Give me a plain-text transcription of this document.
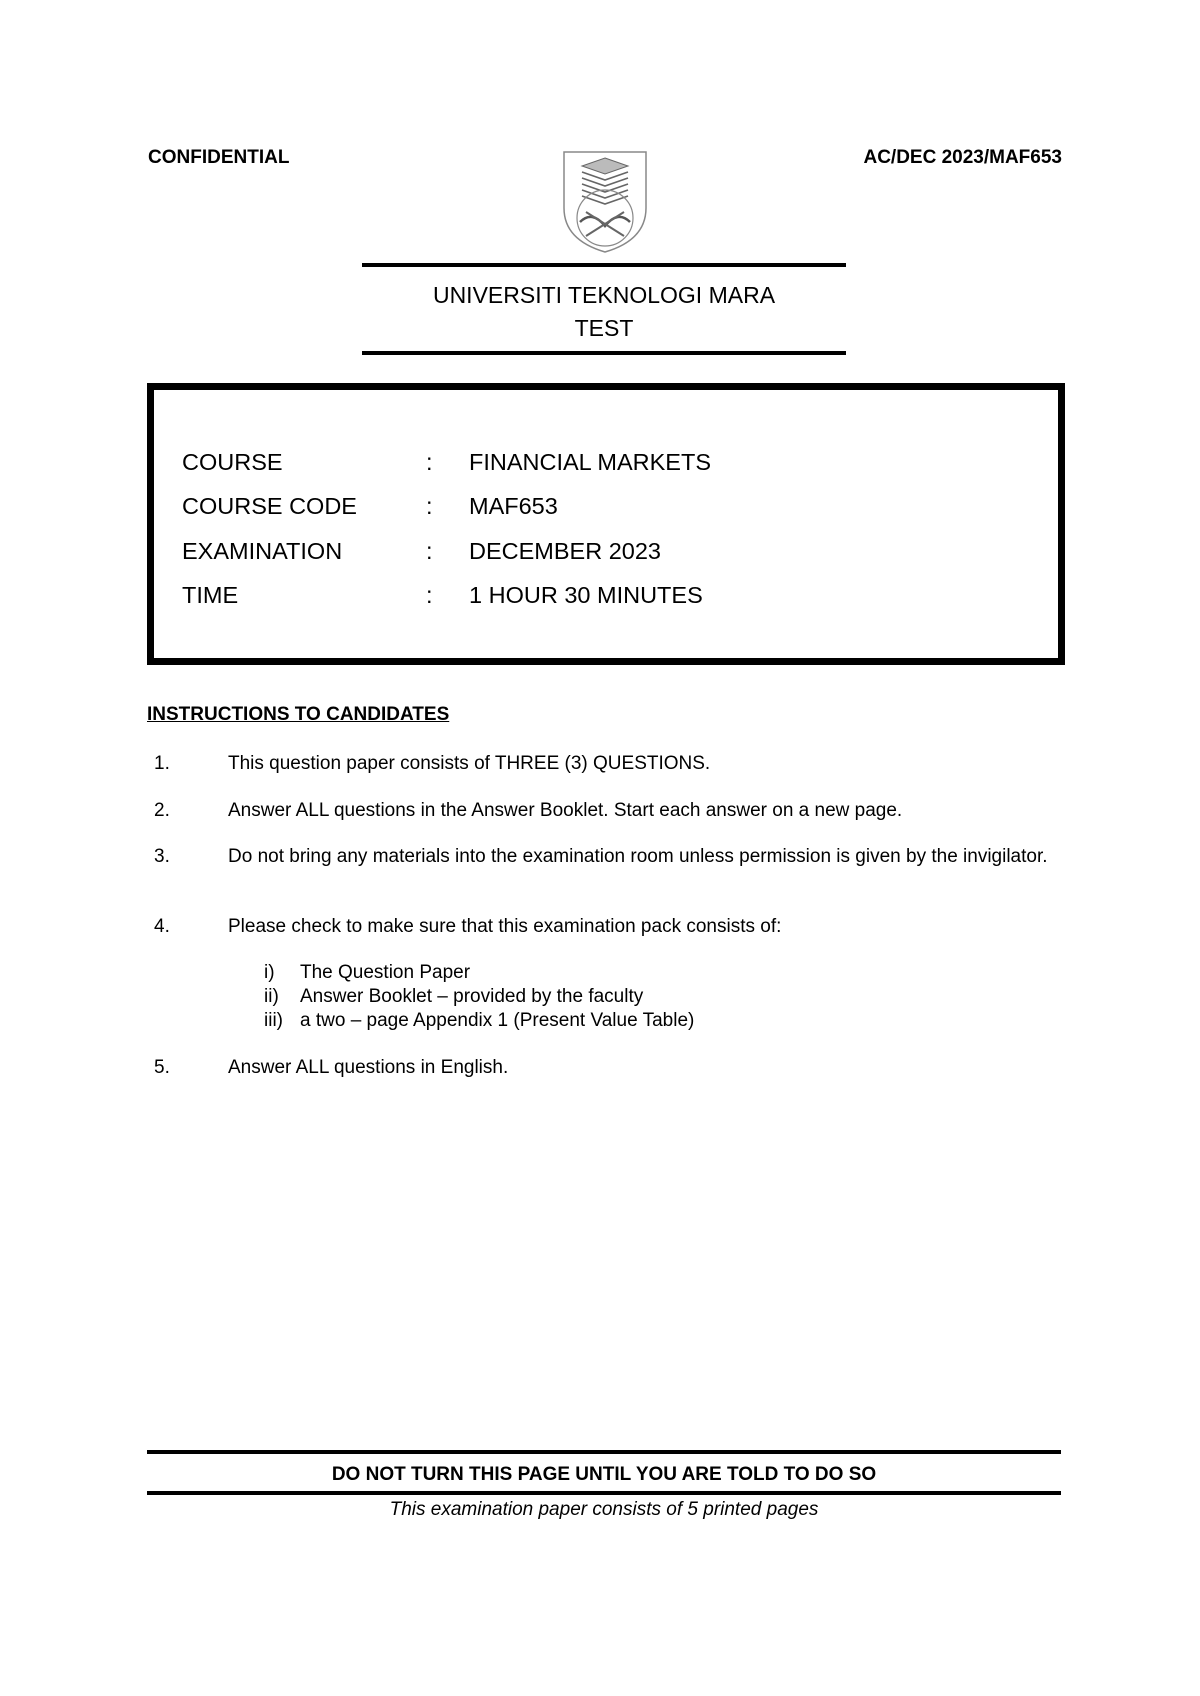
CONFIDENTIAL	AC/DEC 2023/MAF653
UNIVERSITI TEKNOLOGI MARA
TEST
COURSE	: FINANCIAL MARKETS
COURSE CODE	: MAF653
EXAMINATION	: DECEMBER 2023
TIME	: 1 HOUR 30 MINUTES
INSTRUCTIONS TO CANDIDATES
1.	This question paper consists of THREE (3) QUESTIONS.
2.	Answer ALL questions in the Answer Booklet. Start each answer on a new page.
3.	Do not bring any materials into the examination room unless permission is given by the invigilator.
4.	Please check to make sure that this examination pack consists of:
i) The Question Paper
ii) Answer Booklet – provided by the faculty
iii) a two – page Appendix 1 (Present Value Table)
5.	Answer ALL questions in English.
DO NOT TURN THIS PAGE UNTIL YOU ARE TOLD TO DO SO
This examination paper consists of 5 printed pages
